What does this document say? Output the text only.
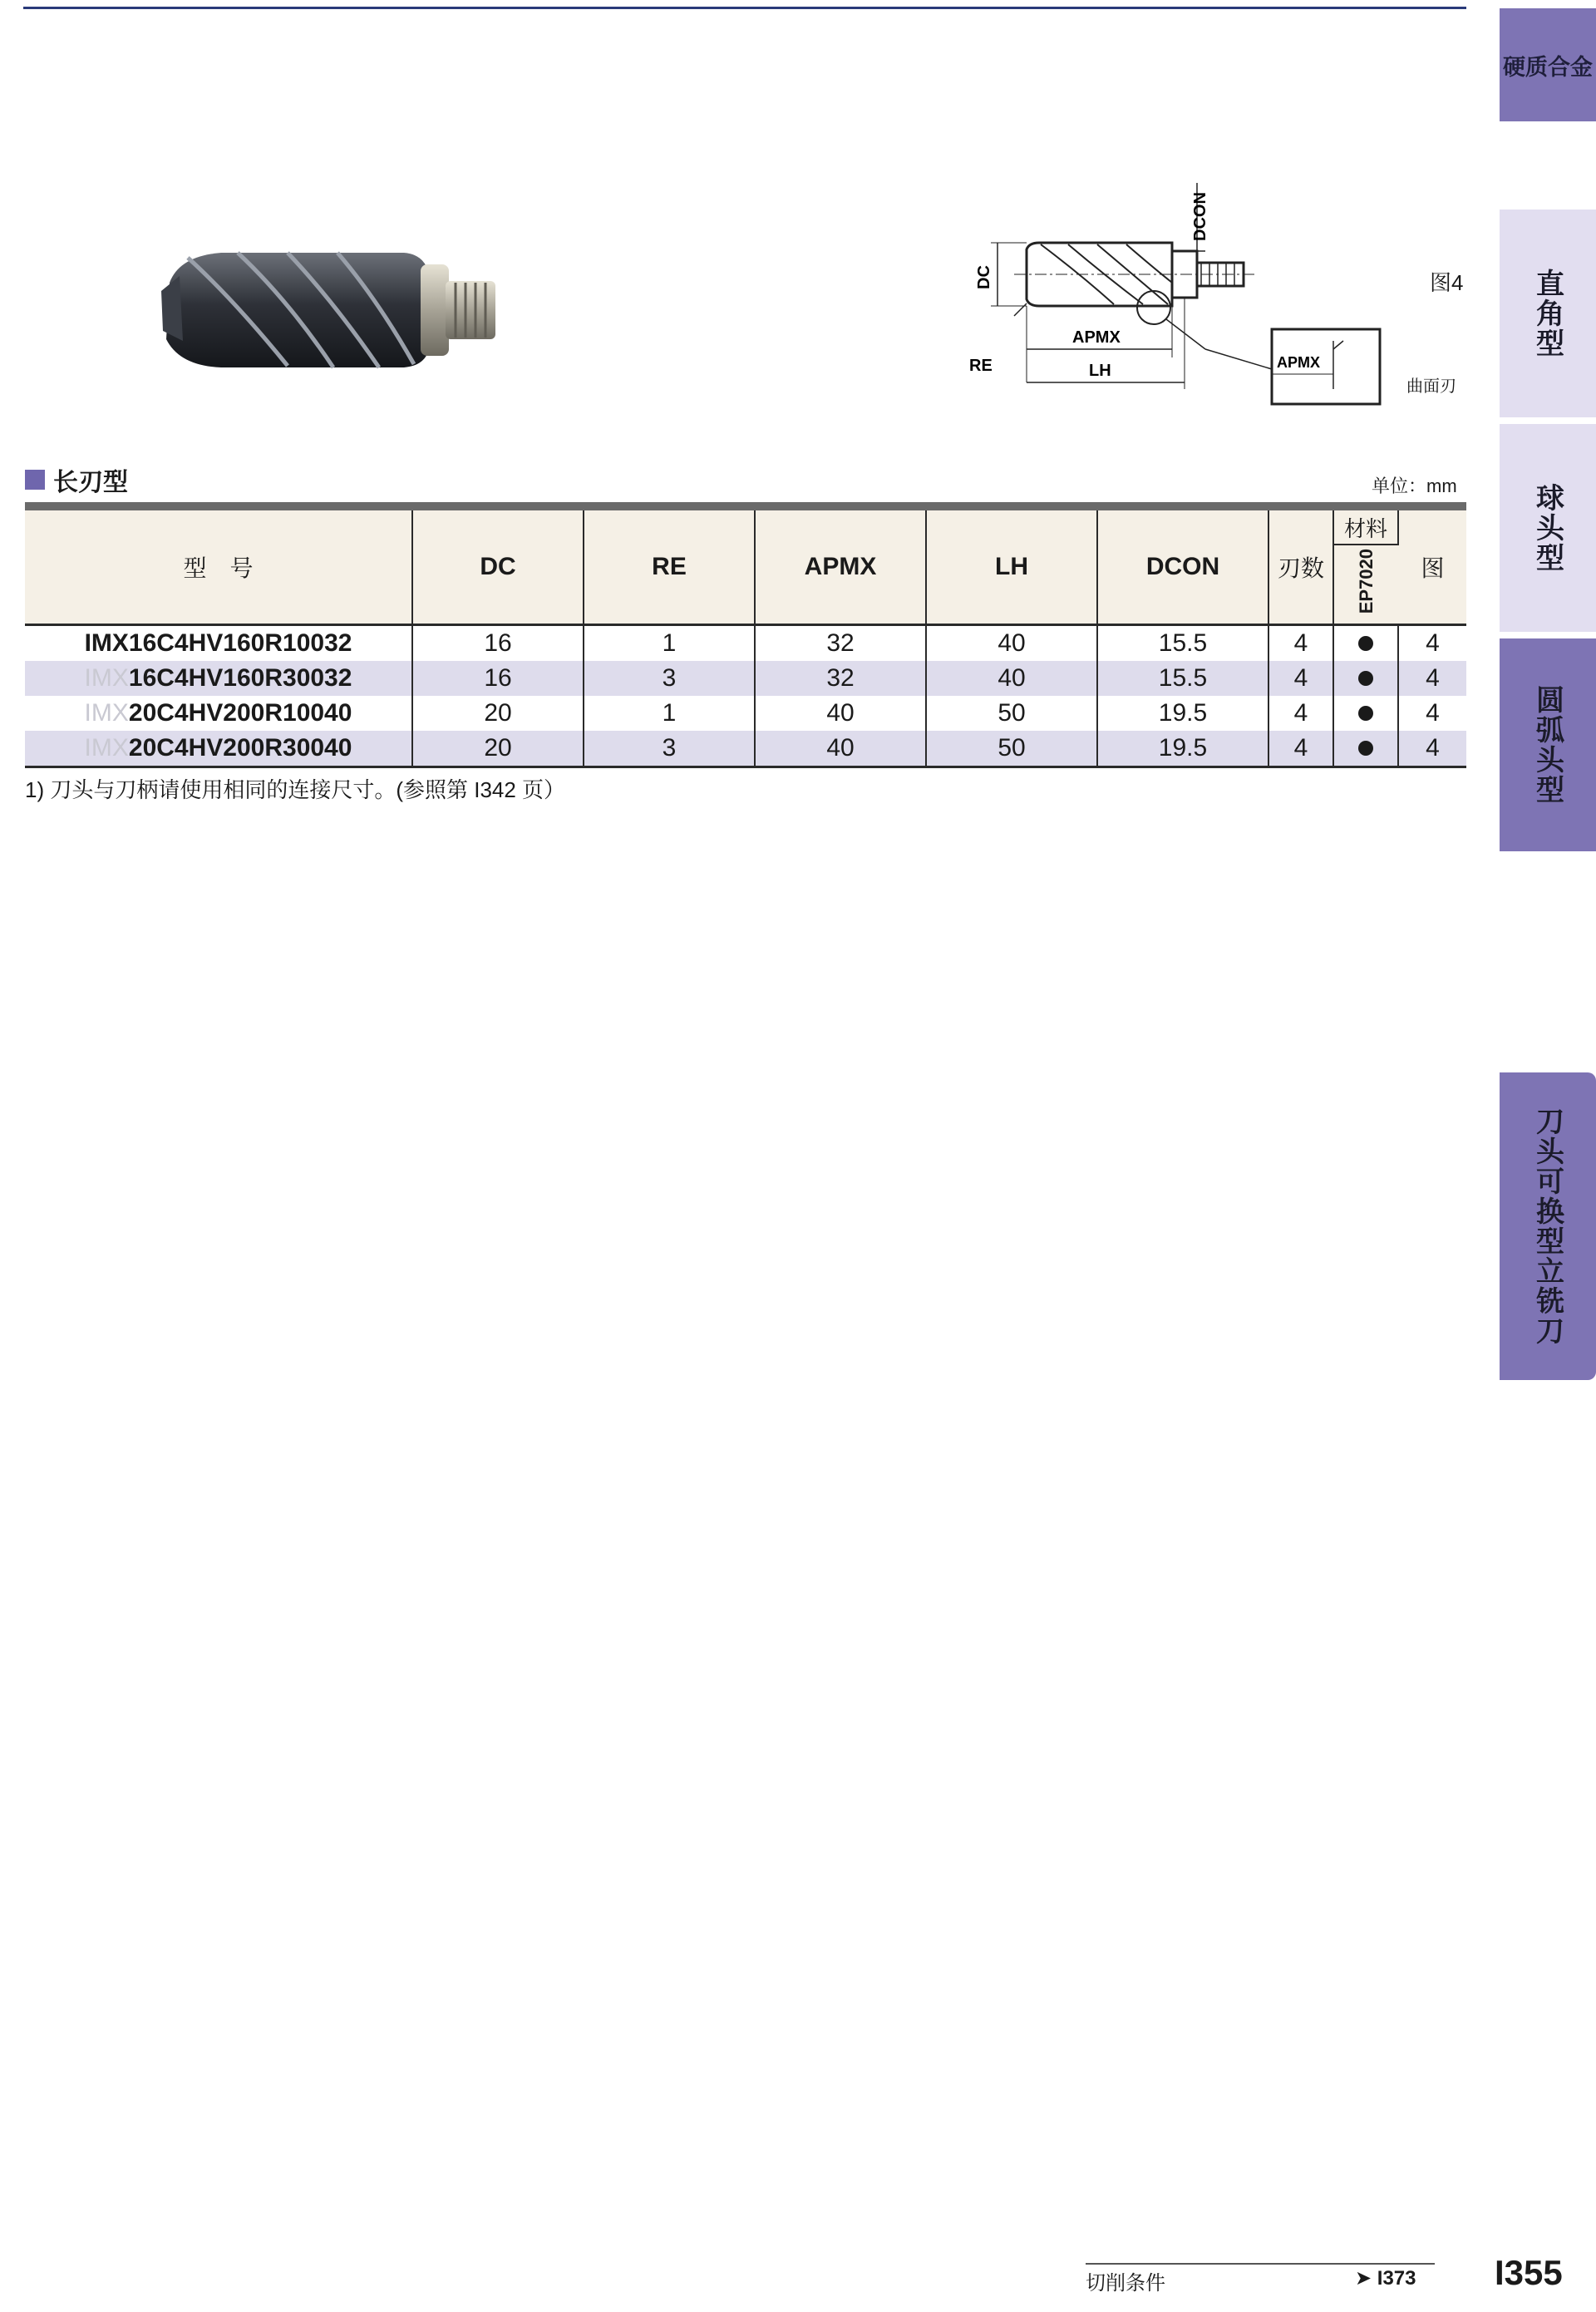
硬质合金
直角型
球头型
圆弧头型
刀头可换型立铣刀
DCON
DC
APMX
RE	LH	APMX
图4
曲面刃
长刃型	单位：mm
型　号	DC	RE	APMX	LH	DCON	刃数	材料	图
							EP7020	
IMX16C4HV160R10032	16	1	32	40	15.5	4		4
IMX16C4HV160R30032	16	3	32	40	15.5	4		4
IMX20C4HV200R10040	20	1	40	50	19.5	4		4
IMX20C4HV200R30040	20	3	40	50	19.5	4		4
1) 刀头与刀柄请使用相同的连接尺寸。(参照第 I342 页）
切削条件	➤ I373 I355
